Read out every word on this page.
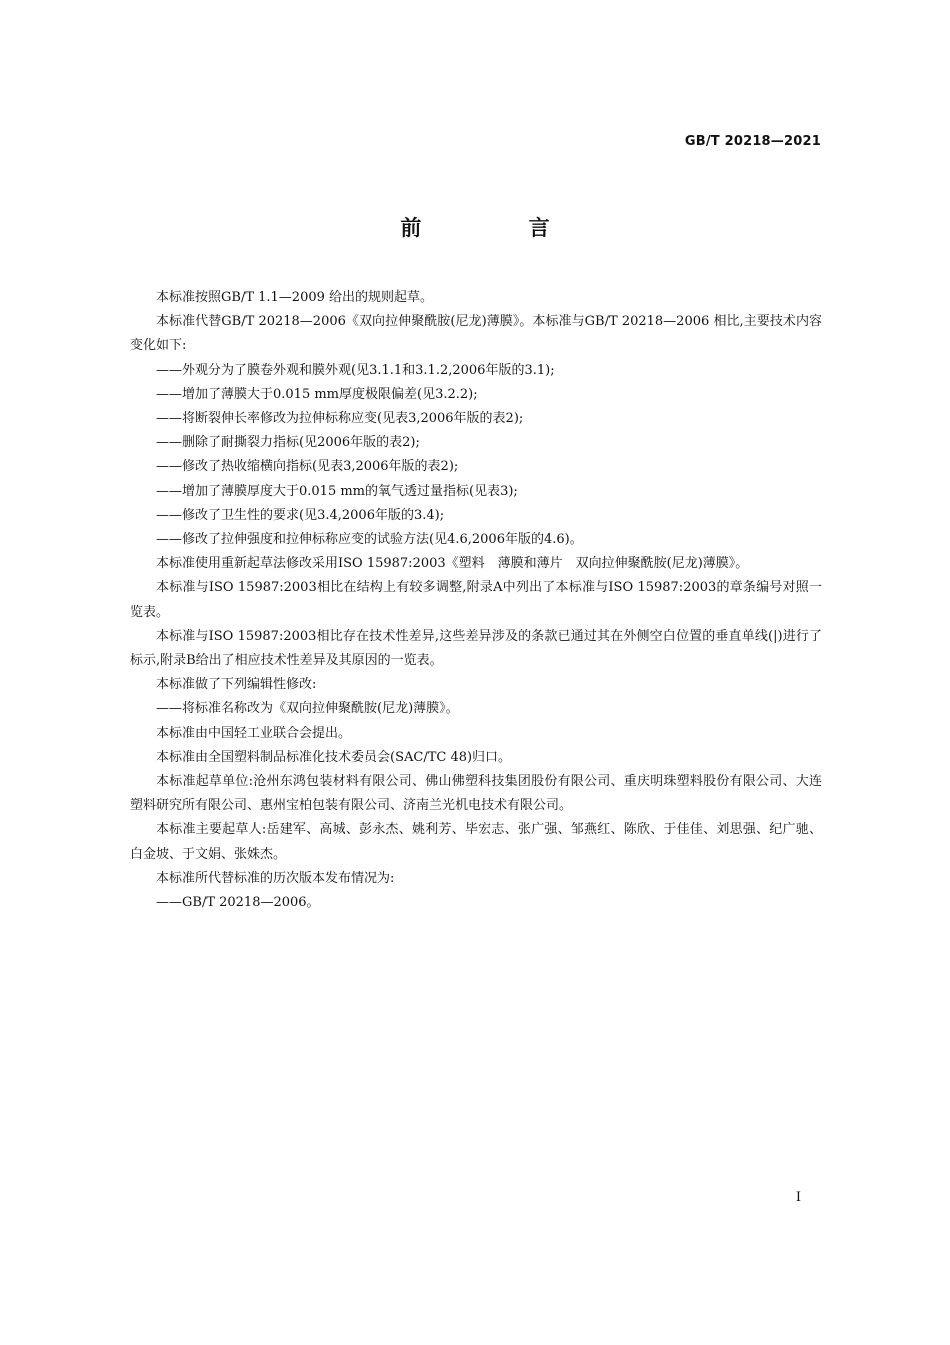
GB/T 20218—2021
前 言

本标准按照GB/T 1.1—2009 给出的规则起草。

本标准代替GB/T 20218—2006《双向拉伸聚酰胺(尼龙)薄膜》。本标准与GB/T 20218—2006 相比,主要技术内容变化如下:

——外观分为了膜卷外观和膜外观(见3.1.1和3.1.2,2006年版的3.1);

——增加了薄膜大于0.015 mm厚度极限偏差(见3.2.2);

——将断裂伸长率修改为拉伸标称应变(见表3,2006年版的表2);

——删除了耐撕裂力指标(见2006年版的表2);

——修改了热收缩横向指标(见表3,2006年版的表2);

——增加了薄膜厚度大于0.015 mm的氧气透过量指标(见表3);

——修改了卫生性的要求(见3.4,2006年版的3.4);

——修改了拉伸强度和拉伸标称应变的试验方法(见4.6,2006年版的4.6)。

本标准使用重新起草法修改采用ISO 15987:2003《塑料　薄膜和薄片　双向拉伸聚酰胺(尼龙)薄膜》。

本标准与ISO 15987:2003相比在结构上有较多调整,附录A中列出了本标准与ISO 15987:2003的章条编号对照一览表。

本标准与ISO 15987:2003相比存在技术性差异,这些差异涉及的条款已通过其在外侧空白位置的垂直单线(|)进行了标示,附录B给出了相应技术性差异及其原因的一览表。

本标准做了下列编辑性修改:

——将标准名称改为《双向拉伸聚酰胺(尼龙)薄膜》。

本标准由中国轻工业联合会提出。

本标准由全国塑料制品标准化技术委员会(SAC/TC 48)归口。

本标准起草单位:沧州东鸿包装材料有限公司、佛山佛塑科技集团股份有限公司、重庆明珠塑料股份有限公司、大连塑料研究所有限公司、惠州宝柏包装有限公司、济南兰光机电技术有限公司。

本标准主要起草人:岳建军、高城、彭永杰、姚利芳、毕宏志、张广强、邹燕红、陈欣、于佳佳、刘思强、纪广驰、白金坡、于文娟、张姝杰。

本标准所代替标准的历次版本发布情况为:

——GB/T 20218—2006。

I
